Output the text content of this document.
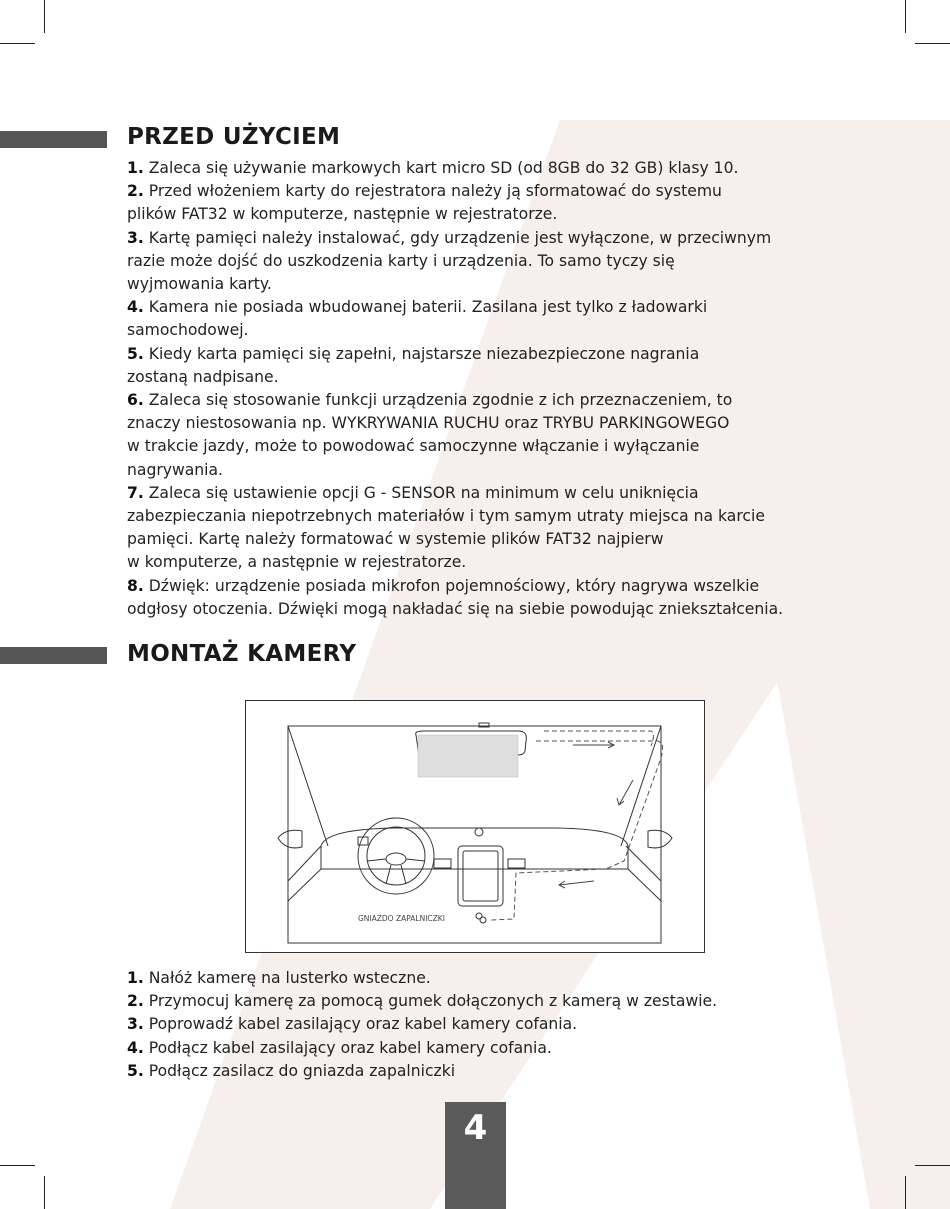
PRZED UŻYCIEM
1. Zaleca się używanie markowych kart micro SD (od 8GB do 32 GB) klasy 10.
2. Przed włożeniem karty do rejestratora należy ją sformatować do systemu
plików FAT32 w komputerze, następnie w rejestratorze.
3. Kartę pamięci należy instalować, gdy urządzenie jest wyłączone, w przeciwnym
razie może dojść do uszkodzenia karty i urządzenia. To samo tyczy się
wyjmowania karty.
4. Kamera nie posiada wbudowanej baterii. Zasilana jest tylko z ładowarki
samochodowej.
5. Kiedy karta pamięci się zapełni, najstarsze niezabezpieczone nagrania
zostaną nadpisane.
6. Zaleca się stosowanie funkcji urządzenia zgodnie z ich przeznaczeniem, to
znaczy niestosowania np. WYKRYWANIA RUCHU oraz TRYBU PARKINGOWEGO
w trakcie jazdy, może to powodować samoczynne włączanie i wyłączanie
nagrywania.
7. Zaleca się ustawienie opcji G - SENSOR na minimum w celu uniknięcia
zabezpieczania niepotrzebnych materiałów i tym samym utraty miejsca na karcie
pamięci. Kartę należy formatować w systemie plików FAT32 najpierw
w komputerze, a następnie w rejestratorze.
8. Dźwięk: urządzenie posiada mikrofon pojemnościowy, który nagrywa wszelkie
odgłosy otoczenia. Dźwięki mogą nakładać się na siebie powodując zniekształcenia.
MONTAŻ KAMERY
GNIAZDO ZAPALNICZKI
1. Nałóż kamerę na lusterko wsteczne.
2. Przymocuj kamerę za pomocą gumek dołączonych z kamerą w zestawie.
3. Poprowadź kabel zasilający oraz kabel kamery cofania.
4. Podłącz kabel zasilający oraz kabel kamery cofania.
5. Podłącz zasilacz do gniazda zapalniczki
4
